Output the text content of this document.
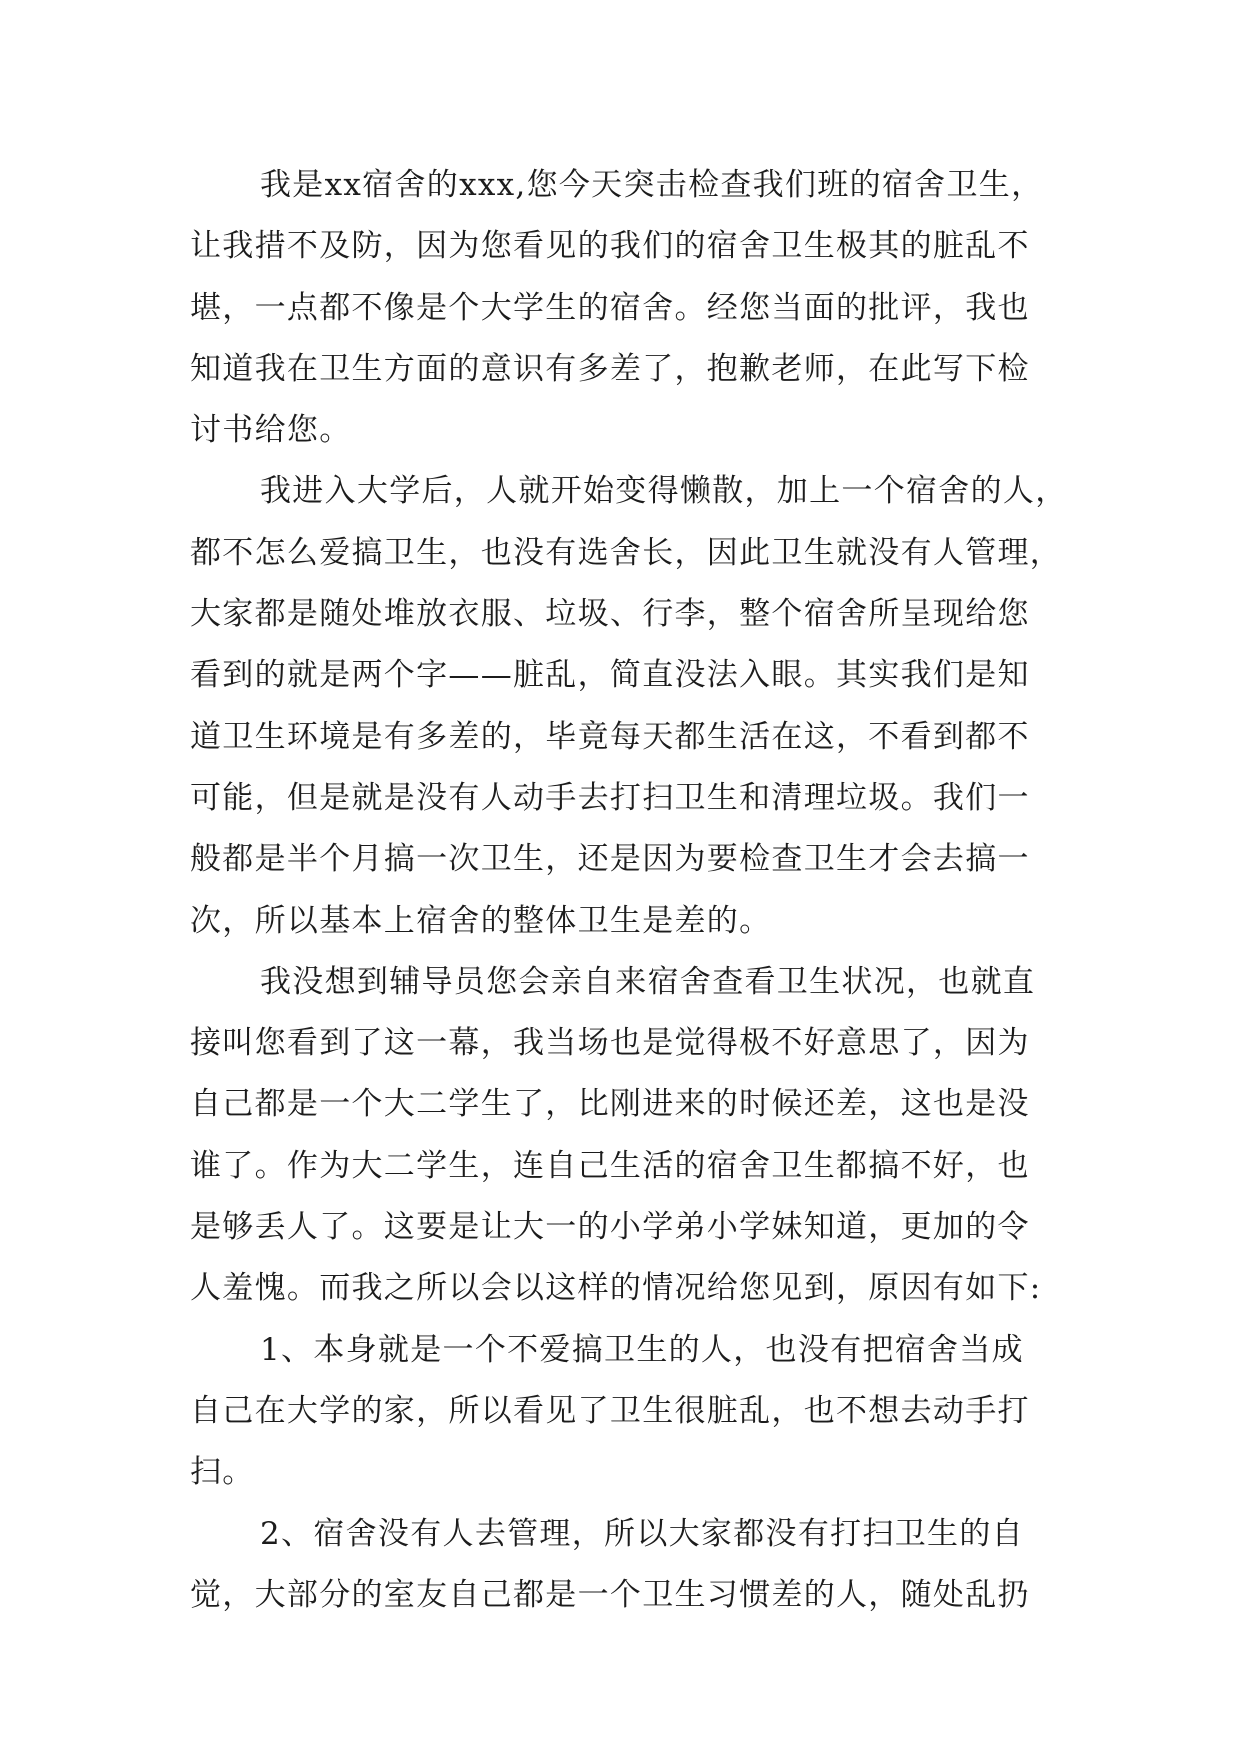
我是xx宿舍的xxx,您今天突击检查我们班的宿舍卫生，
让我措不及防，因为您看见的我们的宿舍卫生极其的脏乱不
堪，一点都不像是个大学生的宿舍。经您当面的批评，我也
知道我在卫生方面的意识有多差了，抱歉老师，在此写下检
讨书给您。
我进入大学后，人就开始变得懒散，加上一个宿舍的人，
都不怎么爱搞卫生，也没有选舍长，因此卫生就没有人管理，
大家都是随处堆放衣服、垃圾、行李，整个宿舍所呈现给您
看到的就是两个字——脏乱，简直没法入眼。其实我们是知
道卫生环境是有多差的，毕竟每天都生活在这，不看到都不
可能，但是就是没有人动手去打扫卫生和清理垃圾。我们一
般都是半个月搞一次卫生，还是因为要检查卫生才会去搞一
次，所以基本上宿舍的整体卫生是差的。
我没想到辅导员您会亲自来宿舍查看卫生状况，也就直
接叫您看到了这一幕，我当场也是觉得极不好意思了，因为
自己都是一个大二学生了，比刚进来的时候还差，这也是没
谁了。作为大二学生，连自己生活的宿舍卫生都搞不好，也
是够丢人了。这要是让大一的小学弟小学妹知道，更加的令
人羞愧。而我之所以会以这样的情况给您见到，原因有如下:
1、本身就是一个不爱搞卫生的人，也没有把宿舍当成
自己在大学的家，所以看见了卫生很脏乱，也不想去动手打
扫。
2、宿舍没有人去管理，所以大家都没有打扫卫生的自
觉，大部分的室友自己都是一个卫生习惯差的人，随处乱扔
